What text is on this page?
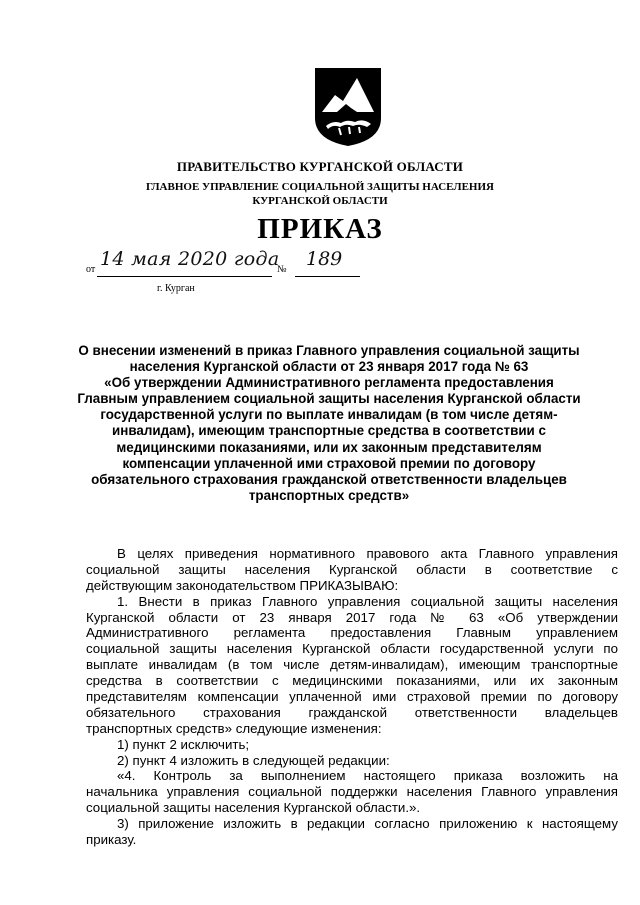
ПРАВИТЕЛЬСТВО КУРГАНСКОЙ ОБЛАСТИ
ГЛАВНОЕ УПРАВЛЕНИЕ СОЦИАЛЬНОЙ ЗАЩИТЫ НАСЕЛЕНИЯ
КУРГАНСКОЙ ОБЛАСТИ
ПРИКАЗ
от 14 мая 2020 года
№ 189
г. Курган
О внесении изменений в приказ Главного управления социальной защиты
населения Курганской области от 23 января 2017 года № 63
«Об утверждении Административного регламента предоставления
Главным управлением социальной защиты населения Курганской области
государственной услуги по выплате инвалидам (в том числе детям-
инвалидам), имеющим транспортные средства в соответствии с
медицинскими показаниями, или их законным представителям
компенсации уплаченной ими страховой премии по договору
обязательного страхования гражданской ответственности владельцев
транспортных средств»
В целях приведения нормативного правового акта Главного управления
социальной защиты населения Курганской области в соответствие с
действующим законодательством ПРИКАЗЫВАЮ:
1. Внести в приказ Главного управления социальной защиты населения
Курганской области от 23 января 2017 года № 63 «Об утверждении
Административного регламента предоставления Главным управлением
социальной защиты населения Курганской области государственной услуги по
выплате инвалидам (в том числе детям-инвалидам), имеющим транспортные
средства в соответствии с медицинскими показаниями, или их законным
представителям компенсации уплаченной ими страховой премии по договору
обязательного страхования гражданской ответственности владельцев
транспортных средств» следующие изменения:
1) пункт 2 исключить;
2) пункт 4 изложить в следующей редакции:
«4. Контроль за выполнением настоящего приказа возложить на
начальника управления социальной поддержки населения Главного управления
социальной защиты населения Курганской области.».
3) приложение изложить в редакции согласно приложению к настоящему
приказу.
